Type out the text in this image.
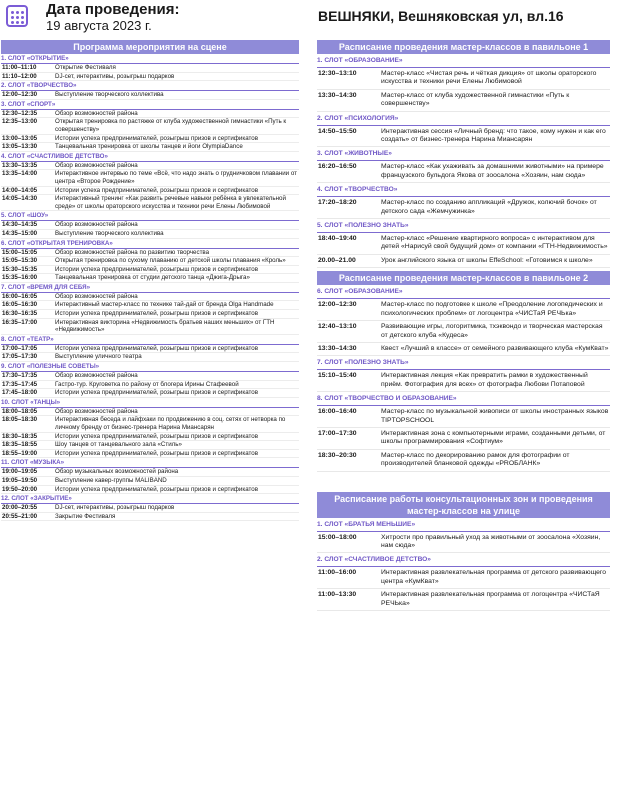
Дата проведения:
19 августа 2023 г.
ВЕШНЯКИ, Вешняковская ул, вл.16
Программа мероприятия на сцене
1. СЛОТ «ОТКРЫТИЕ»
11:00–11:10	Открытие Фестиваля
11:10–12:00	DJ-сет, интерактивы, розыгрыш подарков
2. СЛОТ «ТВОРЧЕСТВО»
12:00–12:30	Выступление творческого коллектива
3. СЛОТ «СПОРТ»
12:30–12:35	Обзор возможностей района
12:35–13:00	Открытая тренировка по растяжке от клуба художественной гимнастики «Путь к совершенству»
13:00–13:05	Истории успеха предпринимателей, розыгрыш призов и сертификатов
13:05–13:30	Танцевальная тренировка от школы танцев и йоги OlympiaDance
4. СЛОТ «СЧАСТЛИВОЕ ДЕТСТВО»
13:30–13:35	Обзор возможностей района
13:35–14:00	Интерактивное интервью по теме «Всё, что надо знать о грудничковом плавании от центра «Второе Рождение»
14:00–14:05	Истории успеха предпринимателей, розыгрыш призов и сертификатов
14:05–14:30	Интерактивный тренинг «Как развить речевые навыки ребёнка в увлекательной среде» от школы ораторского искусства и техники речи Елены Любимовой
5. СЛОТ «ШОУ»
14:30–14:35	Обзор возможностей района
14:35–15:00	Выступление творческого коллектива
6. СЛОТ «ОТКРЫТАЯ ТРЕНИРОВКА»
15:00–15:05	Обзор возможностей района по развитию творчества
15:05–15:30	Открытая тренировка по сухому плаванию от детской школы плавания «Кроль»
15:30–15:35	Истории успеха предпринимателей, розыгрыш призов и сертификатов
15:35–16:00	Танцевальная тренировка от студии детского танца «Джига-Дрыга»
7. СЛОТ «ВРЕМЯ ДЛЯ СЕБЯ»
16:00–16:05	Обзор возможностей района
16:05–16:30	Интерактивный мастер-класс по технике тай-дай от бренда Olga Handmade
16:30–16:35	Истории успеха предпринимателей, розыгрыш призов и сертификатов
16:35–17:00	Интерактивная викторина «Недвижимость братьев наших меньших» от ГТН «Недвижимость»
8. СЛОТ «ТЕАТР»
17:00–17:05	Истории успеха предпринимателей, розыгрыш призов и сертификатов
17:05–17:30	Выступление уличного театра
9. СЛОТ «ПОЛЕЗНЫЕ СОВЕТЫ»
17:30–17:35	Обзор возможностей района
17:35–17:45	Гастро-тур. Круговетка по району от блогера Ирины Стафеевой
17:45–18:00	Истории успеха предпринимателей, розыгрыш призов и сертификатов
10. СЛОТ «ТАНЦЫ»
18:00–18:05	Обзор возможностей района
18:05–18:30	Интерактивная беседа и лайфхаки по продвижению в соц. сетях от нетворка по личному бренду от бизнес-тренера Нарина Миансарян
18:30–18:35	Истории успеха предпринимателей, розыгрыш призов и сертификатов
18:35–18:55	Шоу танцев от танцевального зала «Стиль»
18:55–19:00	Истории успеха предпринимателей, розыгрыш призов и сертификатов
11. СЛОТ «МУЗЫКА»
19:00–19:05	Обзор музыкальных возможностей района
19:05–19:50	Выступление кавер-группы MALIBAND
19:50–20:00	Истории успеха предпринимателей, розыгрыш призов и сертификатов
12. СЛОТ «ЗАКРЫТИЕ»
20:00–20:55	DJ-сет, интерактивы, розыгрыш подарков
20:55–21:00	Закрытие Фестиваля
Расписание проведения мастер-классов в павильоне 1
1. СЛОТ «ОБРАЗОВАНИЕ»
12:30–13:10	Мастер-класс «Чистая речь и чёткая дикция» от школы ораторского искусства и техники речи Елены Любимовой
13:30–14:30	Мастер-класс от клуба художественной гимнастики «Путь к совершенству»
2. СЛОТ «ПСИХОЛОГИЯ»
14:50–15:50	Интерактивная сессия «Личный бренд: что такое, кому нужен и как его создать» от бизнес-тренера Нарина Миансарян
3. СЛОТ «ЖИВОТНЫЕ»
16:20–16:50	Мастер-класс «Как ухаживать за домашними животными» на примере французского бульдога Якова от зоосалона «Хозяин, нам сюда»
4. СЛОТ «ТВОРЧЕСТВО»
17:20–18:20	Мастер-класс по созданию аппликаций «Дружок, колючий бочок» от детского сада «Жемчужинка»
5. СЛОТ «ПОЛЕЗНО ЗНАТЬ»
18:40–19:40	Мастер-класс «Решение квартирного вопроса» с интерактивом для детей «Нарисуй свой будущий дом» от компании «ГТН-Недвижимость»
20.00–21.00	Урок английского языка от школы EffeSchool: «Готовимся к школе»
Расписание проведения мастер-классов в павильоне 2
6. СЛОТ «ОБРАЗОВАНИЕ»
12:00–12:30	Мастер-класс по подготовке к школе «Преодоление логопедических и психологических проблем» от логоцентра «ЧИСТаЯ РЕЧЬка»
12:40–13:10	Развивающие игры, логоритмика, тхэквондо и творческая мастерская от детского клуба «Кудеса»
13:30–14:30	Квест «Лучший в классе» от семейного развивающего клуба «КумКват»
7. СЛОТ «ПОЛЕЗНО ЗНАТЬ»
15:10–15:40	Интерактивная лекция «Как превратить рамки в художественный приём. Фотография для всех» от фотографа Любови Потаповой
8. СЛОТ «ТВОРЧЕСТВО И ОБРАЗОВАНИЕ»
16:00–16:40	Мастер-класс по музыкальной живописи от школы иностранных языков TIPTOPSCHOOL
17:00–17:30	Интерактивная зона с компьютерными играми, созданными детьми, от школы программирования «Софтиум»
18:30–20:30	Мастер-класс по декорированию рамок для фотографии от производителей бланковой одежды «PROБЛАНК»
Расписание работы консультационных зон и проведения мастер-классов на улице
1. СЛОТ «БРАТЬЯ МЕНЬШИЕ»
15:00–18:00	Хитрости про правильный уход за животными от зоосалона «Хозяин, нам сюда»
2. СЛОТ «СЧАСТЛИВОЕ ДЕТСТВО»
11:00–16:00	Интерактивная развлекательная программа от детского развивающего центра «КумКват»
11:00–13:30	Интерактивная развлекательная программа от логоцентра «ЧИСТаЯ РЕЧЬка»
